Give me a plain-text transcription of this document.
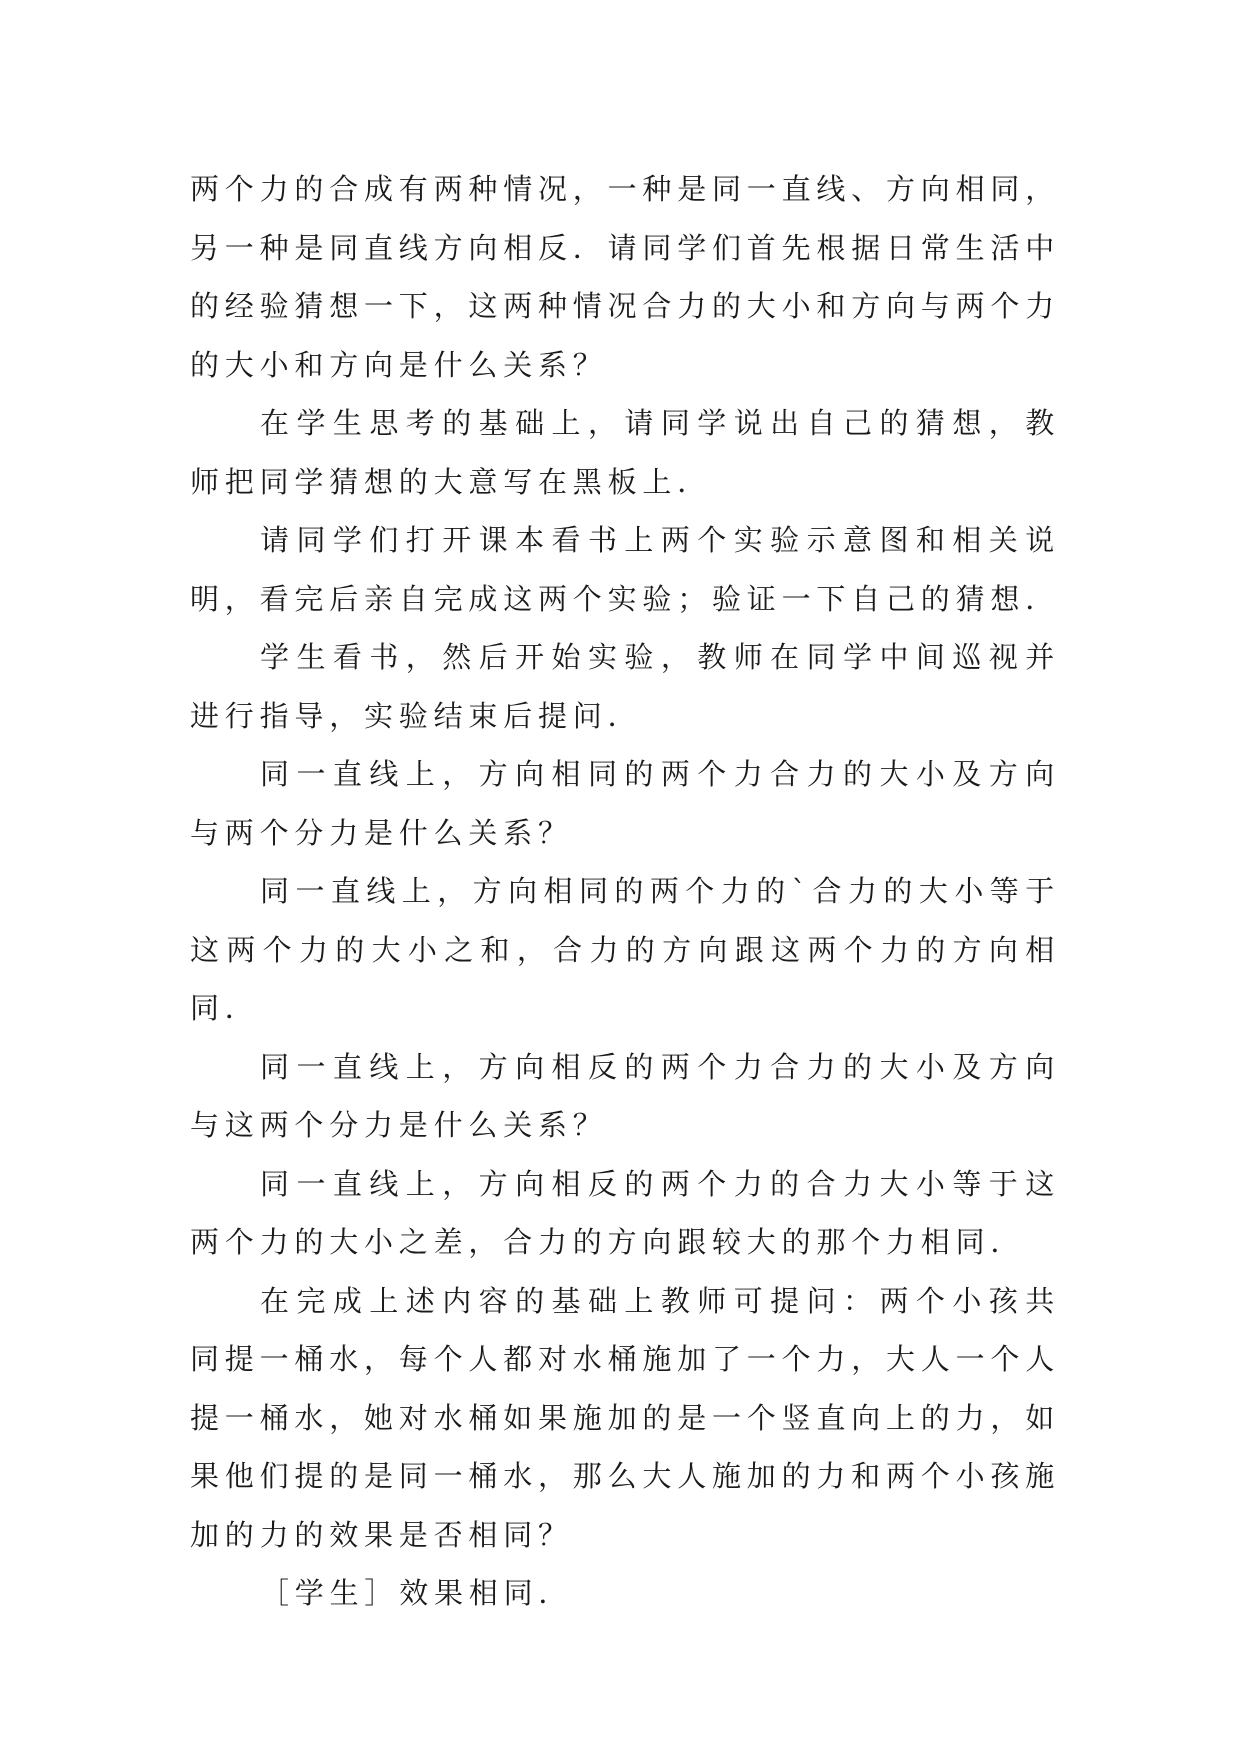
两个力的合成有两种情况，一种是同一直线、方向相同，另一种是同直线方向相反．请同学们首先根据日常生活中的经验猜想一下，这两种情况合力的大小和方向与两个力的大小和方向是什么关系？

在学生思考的基础上，请同学说出自己的猜想，教师把同学猜想的大意写在黑板上．

请同学们打开课本看书上两个实验示意图和相关说明，看完后亲自完成这两个实验；验证一下自己的猜想．

学生看书，然后开始实验，教师在同学中间巡视并进行指导，实验结束后提问．

同一直线上，方向相同的两个力合力的大小及方向与两个分力是什么关系？

同一直线上，方向相同的两个力的`合力的大小等于这两个力的大小之和，合力的方向跟这两个力的方向相同．

同一直线上，方向相反的两个力合力的大小及方向与这两个分力是什么关系？

同一直线上，方向相反的两个力的合力大小等于这两个力的大小之差，合力的方向跟较大的那个力相同．

在完成上述内容的基础上教师可提问：两个小孩共同提一桶水，每个人都对水桶施加了一个力，大人一个人提一桶水，她对水桶如果施加的是一个竖直向上的力，如果他们提的是同一桶水，那么大人施加的力和两个小孩施加的力的效果是否相同？

［学生］效果相同．
